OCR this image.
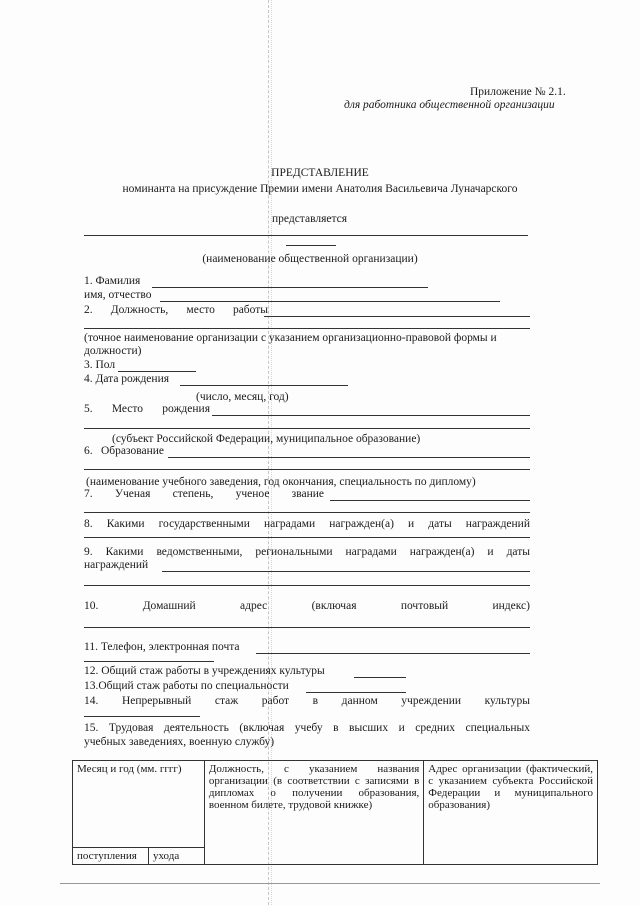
Приложение № 2.1.
для работника общественной организации
ПРЕДСТАВЛЕНИЕ
номинанта на присуждение Премии имени Анатолия Васильевича Луначарского
представляется
(наименование общественной организации)
1. Фамилия
имя, отчество
2. Должность, место работы
(точное наименование организации с указанием организационно-правовой формы и
должности)
3. Пол
4. Дата рождения
(число, месяц, год)
5. Место рождения
(субъект Российской Федерации, муниципальное образование)
6. Образование
(наименование учебного заведения, год окончания, специальность по диплому)
7. Ученая степень, ученое звание
8. Какими государственными наградами награжден(а) и даты награждений
9. Какими ведомственными, региональными наградами награжден(а) и даты
награждений
10.	Домашний	адрес	(включая	почтовый	индекс)
11. Телефон, электронная почта
12. Общий стаж работы в учреждениях культуры
13.Общий стаж работы по специальности
14. Непрерывный стаж работ в данном учреждении культуры
15. Трудовая деятельность (включая учебу в высших и средних специальных
учебных заведениях, военную службу)
Месяц и год (мм. гггг)		Должность, с указанием названия организации (в соответствии с записями в дипломах о получении образования, военном билете, трудовой книжке)	Адрес организации (фактический, с указанием субъекта Российской Федерации и муниципального образования)

поступления	ухода		
